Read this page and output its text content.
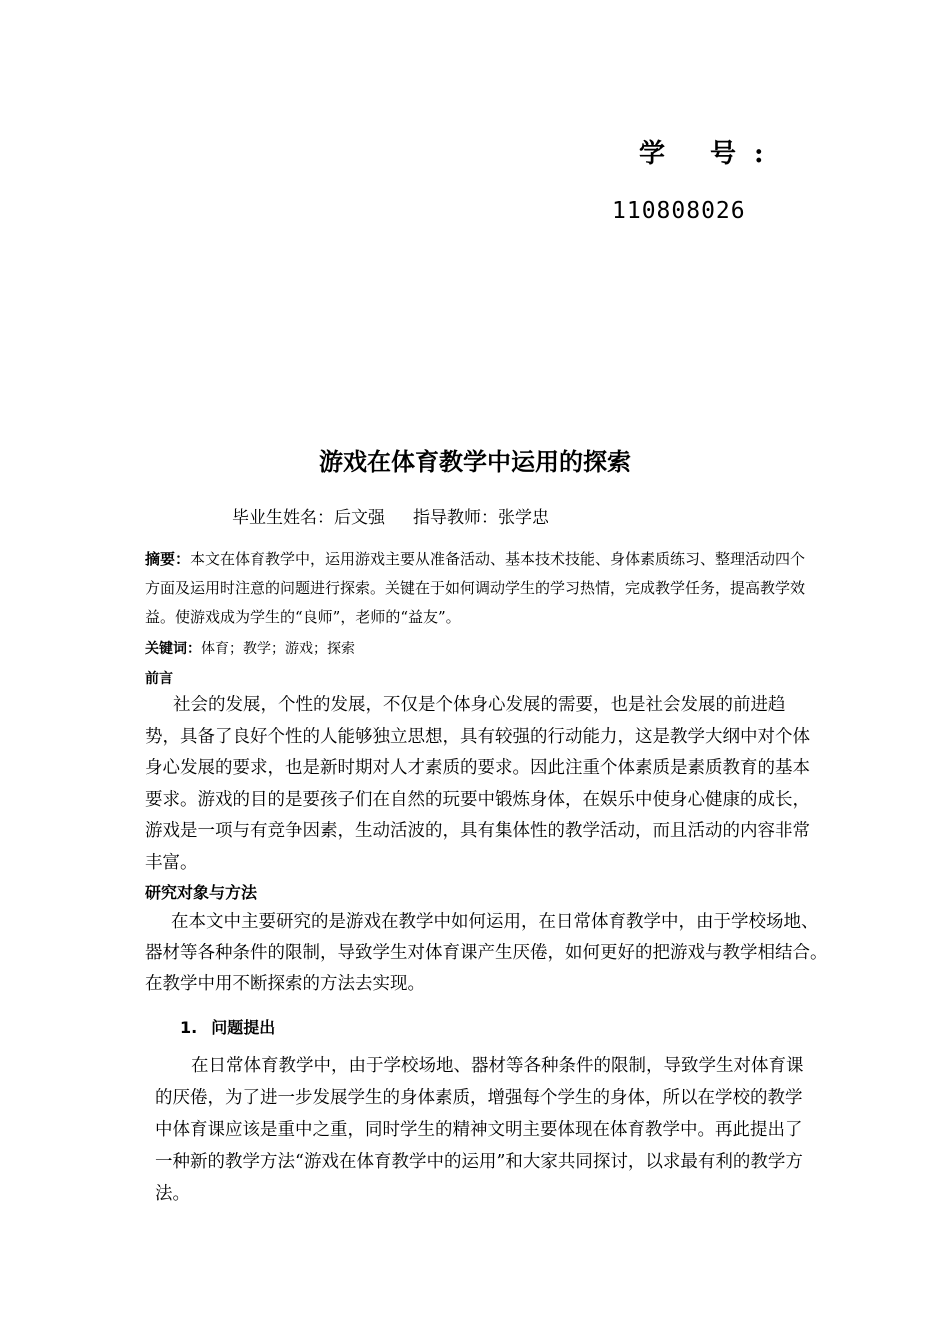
学 号:
110808026
游戏在体育教学中运用的探索
毕业生姓名：后文强 指导教师：张学忠
摘要：本文在体育教学中，运用游戏主要从准备活动、基本技术技能、身体素质练习、整理活动四个方面及运用时注意的问题进行探索。关键在于如何调动学生的学习热情，完成教学任务，提高教学效益。使游戏成为学生的“良师”，老师的“益友”。
关键词：体育；教学；游戏；探索
前言
社会的发展，个性的发展，不仅是个体身心发展的需要，也是社会发展的前进趋势，具备了良好个性的人能够独立思想，具有较强的行动能力，这是教学大纲中对个体身心发展的要求，也是新时期对人才素质的要求。因此注重个体素质是素质教育的基本要求。游戏的目的是要孩子们在自然的玩要中锻炼身体，在娱乐中使身心健康的成长，游戏是一项与有竞争因素，生动活波的，具有集体性的教学活动，而且活动的内容非常丰富。
研究对象与方法
在本文中主要研究的是游戏在教学中如何运用，在日常体育教学中，由于学校场地、器材等各种条件的限制，导致学生对体育课产生厌倦，如何更好的把游戏与教学相结合。在教学中用不断探索的方法去实现。
1. 问题提出
在日常体育教学中，由于学校场地、器材等各种条件的限制，导致学生对体育课的厌倦，为了进一步发展学生的身体素质，增强每个学生的身体，所以在学校的教学中体育课应该是重中之重，同时学生的精神文明主要体现在体育教学中。再此提出了一种新的教学方法“游戏在体育教学中的运用”和大家共同探讨，以求最有利的教学方法。
